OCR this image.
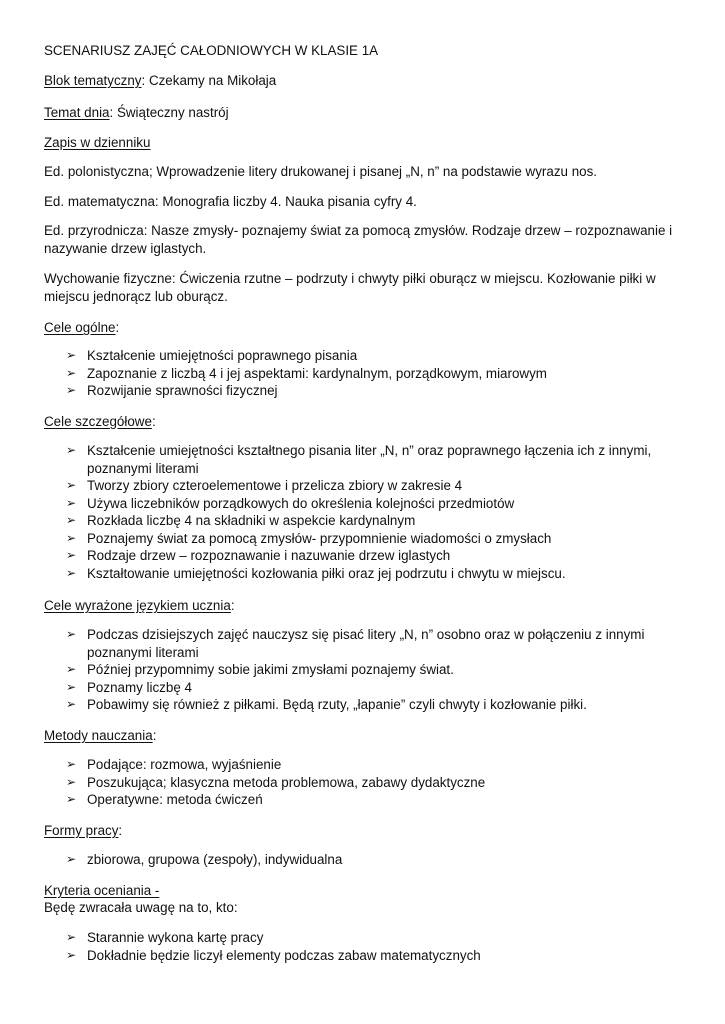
SCENARIUSZ ZAJĘĆ CAŁODNIOWYCH W KLASIE 1A
Blok tematyczny: Czekamy na Mikołaja
Temat dnia: Świąteczny nastrój
Zapis w dzienniku
Ed. polonistyczna; Wprowadzenie litery drukowanej i pisanej „N, n” na podstawie wyrazu nos.
Ed. matematyczna: Monografia liczby 4. Nauka pisania cyfry 4.
Ed. przyrodnicza: Nasze zmysły- poznajemy świat za pomocą zmysłów. Rodzaje drzew – rozpoznawanie i nazywanie drzew iglastych.
Wychowanie fizyczne: Ćwiczenia rzutne – podrzuty i chwyty piłki oburącz w miejscu. Kozłowanie piłki w miejscu jednorącz lub oburącz.
Cele ogólne:
➢ Kształcenie umiejętności poprawnego pisania
➢ Zapoznanie z liczbą 4 i jej aspektami: kardynalnym, porządkowym, miarowym
➢ Rozwijanie sprawności fizycznej
Cele szczegółowe:
➢ Kształcenie umiejętności kształtnego pisania liter „N, n” oraz poprawnego łączenia ich z innymi, poznanymi literami
➢ Tworzy zbiory czteroelementowe i przelicza zbiory w zakresie 4
➢ Używa liczebników porządkowych do określenia kolejności przedmiotów
➢ Rozkłada liczbę 4 na składniki w aspekcie kardynalnym
➢ Poznajemy świat za pomocą zmysłów- przypomnienie wiadomości o zmysłach
➢ Rodzaje drzew – rozpoznawanie i nazuwanie drzew iglastych
➢ Kształtowanie umiejętności kozłowania piłki oraz jej podrzutu i chwytu w miejscu.
Cele wyrażone językiem ucznia:
➢ Podczas dzisiejszych zajęć nauczysz się pisać litery „N, n” osobno oraz w połączeniu z innymi poznanymi literami
➢ Później przypomnimy sobie jakimi zmysłami poznajemy świat.
➢ Poznamy liczbę 4
➢ Pobawimy się również z piłkami. Będą rzuty, „łapanie” czyli chwyty i kozłowanie piłki.
Metody nauczania:
➢ Podające: rozmowa, wyjaśnienie
➢ Poszukująca; klasyczna metoda problemowa, zabawy dydaktyczne
➢ Operatywne: metoda ćwiczeń
Formy pracy:
➢ zbiorowa, grupowa (zespoły), indywidualna
Kryteria oceniania -
Będę zwracała uwagę na to, kto:
➢ Starannie wykona kartę pracy
➢ Dokładnie będzie liczył elementy podczas zabaw matematycznych
